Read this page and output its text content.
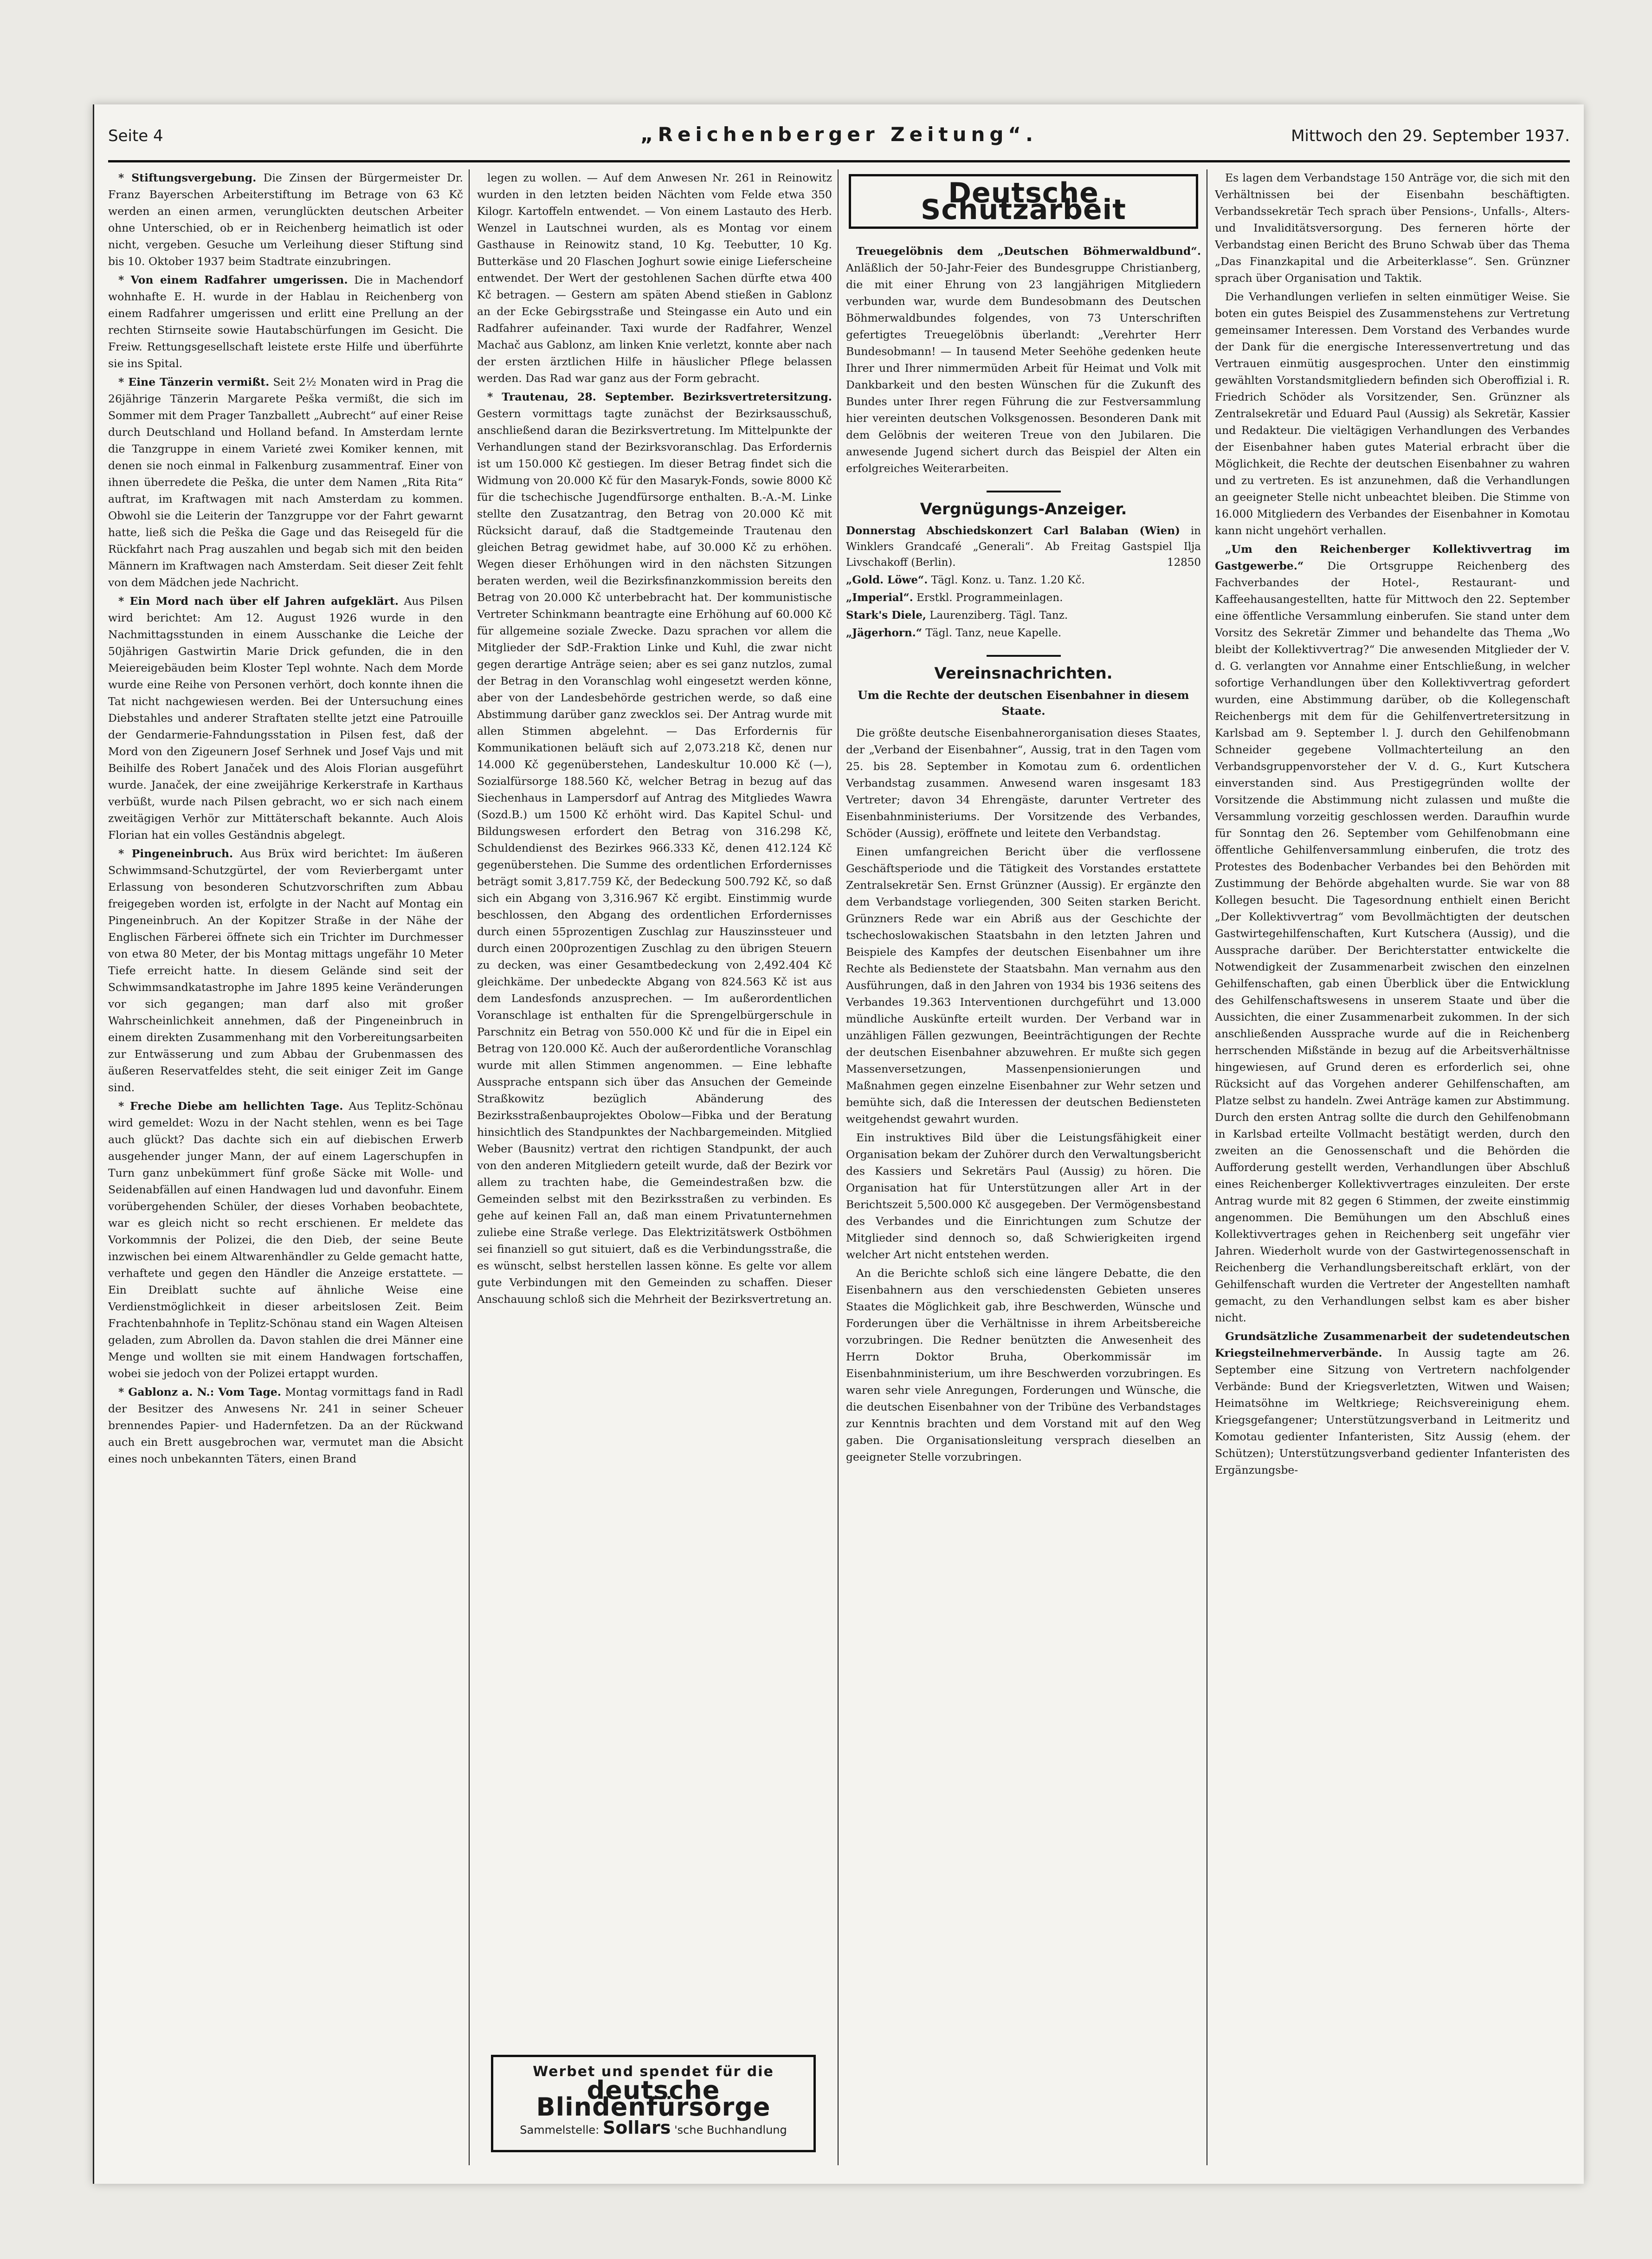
Seite 4	„Reichenberger Zeitung“.	Mittwoch den 29. September 1937.

* Stiftungsvergebung. Die Zinsen der Bürgermeister Dr. Franz Bayerschen Arbeiterstiftung im Betrage von 63 Kč werden an einen armen, verunglückten deutschen Arbeiter ohne Unterschied, ob er in Reichenberg heimatlich ist oder nicht, vergeben. Gesuche um Verleihung dieser Stiftung sind bis 10. Oktober 1937 beim Stadtrate einzubringen.

* Von einem Radfahrer umgerissen. Die in Machendorf wohnhafte E. H. wurde in der Hablau in Reichenberg von einem Radfahrer umgerissen und erlitt eine Prellung an der rechten Stirnseite sowie Hautabschürfungen im Gesicht. Die Freiw. Rettungsgesellschaft leistete erste Hilfe und überführte sie ins Spital.

* Eine Tänzerin vermißt. Seit 2½ Monaten wird in Prag die 26jährige Tänzerin Margarete Peška vermißt, die sich im Sommer mit dem Prager Tanzballett „Aubrecht“ auf einer Reise durch Deutschland und Holland befand. In Amsterdam lernte die Tanzgruppe in einem Varieté zwei Komiker kennen, mit denen sie noch einmal in Falkenburg zusammentraf. Einer von ihnen überredete die Peška, die unter dem Namen „Rita Rita“ auftrat, im Kraftwagen mit nach Amsterdam zu kommen. Obwohl sie die Leiterin der Tanzgruppe vor der Fahrt gewarnt hatte, ließ sich die Peška die Gage und das Reisegeld für die Rückfahrt nach Prag auszahlen und begab sich mit den beiden Männern im Kraftwagen nach Amsterdam. Seit dieser Zeit fehlt von dem Mädchen jede Nachricht.

* Ein Mord nach über elf Jahren aufgeklärt. Aus Pilsen wird berichtet: Am 12. August 1926 wurde in den Nachmittagsstunden in einem Ausschanke die Leiche der 50jährigen Gastwirtin Marie Drick gefunden, die in den Meiereigebäuden beim Kloster Tepl wohnte. Nach dem Morde wurde eine Reihe von Personen verhört, doch konnte ihnen die Tat nicht nachgewiesen werden. Bei der Untersuchung eines Diebstahles und anderer Straftaten stellte jetzt eine Patrouille der Gendarmerie-Fahndungsstation in Pilsen fest, daß der Mord von den Zigeunern Josef Serhnek und Josef Vajs und mit Beihilfe des Robert Janaček und des Alois Florian ausgeführt wurde. Janaček, der eine zweijährige Kerkerstrafe in Karthaus verbüßt, wurde nach Pilsen gebracht, wo er sich nach einem zweitägigen Verhör zur Mittäterschaft bekannte. Auch Alois Florian hat ein volles Geständnis abgelegt.

* Pingeneinbruch. Aus Brüx wird berichtet: Im äußeren Schwimmsand-Schutzgürtel, der vom Revierbergamt unter Erlassung von besonderen Schutzvorschriften zum Abbau freigegeben worden ist, erfolgte in der Nacht auf Montag ein Pingeneinbruch. An der Kopitzer Straße in der Nähe der Englischen Färberei öffnete sich ein Trichter im Durchmesser von etwa 80 Meter, der bis Montag mittags ungefähr 10 Meter Tiefe erreicht hatte. In diesem Gelände sind seit der Schwimmsandkatastrophe im Jahre 1895 keine Veränderungen vor sich gegangen; man darf also mit großer Wahrscheinlichkeit annehmen, daß der Pingeneinbruch in einem direkten Zusammenhang mit den Vorbereitungsarbeiten zur Entwässerung und zum Abbau der Grubenmassen des äußeren Reservatfeldes steht, die seit einiger Zeit im Gange sind.

* Freche Diebe am hellichten Tage. Aus Teplitz-Schönau wird gemeldet: Wozu in der Nacht stehlen, wenn es bei Tage auch glückt? Das dachte sich ein auf diebischen Erwerb ausgehender junger Mann, der auf einem Lagerschupfen in Turn ganz unbekümmert fünf große Säcke mit Wolle- und Seidenabfällen auf einen Handwagen lud und davonfuhr. Einem vorübergehenden Schüler, der dieses Vorhaben beobachtete, war es gleich nicht so recht erschienen. Er meldete das Vorkommnis der Polizei, die den Dieb, der seine Beute inzwischen bei einem Altwarenhändler zu Gelde gemacht hatte, verhaftete und gegen den Händler die Anzeige erstattete. — Ein Dreiblatt suchte auf ähnliche Weise eine Verdienstmöglichkeit in dieser arbeitslosen Zeit. Beim Frachtenbahnhofe in Teplitz-Schönau stand ein Wagen Alteisen geladen, zum Abrollen da. Davon stahlen die drei Männer eine Menge und wollten sie mit einem Handwagen fortschaffen, wobei sie jedoch von der Polizei ertappt wurden.

* Gablonz a. N.: Vom Tage. Montag vormittags fand in Radl der Besitzer des Anwesens Nr. 241 in seiner Scheuer brennendes Papier- und Hadernfetzen. Da an der Rückwand auch ein Brett ausgebrochen war, vermutet man die Absicht eines noch unbekannten Täters, einen Brand

legen zu wollen. — Auf dem Anwesen Nr. 261 in Reinowitz wurden in den letzten beiden Nächten vom Felde etwa 350 Kilogr. Kartoffeln entwendet. — Von einem Lastauto des Herb. Wenzel in Lautschnei wurden, als es Montag vor einem Gasthause in Reinowitz stand, 10 Kg. Teebutter, 10 Kg. Butterkäse und 20 Flaschen Joghurt sowie einige Lieferscheine entwendet. Der Wert der gestohlenen Sachen dürfte etwa 400 Kč betragen. — Gestern am späten Abend stießen in Gablonz an der Ecke Gebirgsstraße und Steingasse ein Auto und ein Radfahrer aufeinander. Taxi wurde der Radfahrer, Wenzel Machač aus Gablonz, am linken Knie verletzt, konnte aber nach der ersten ärztlichen Hilfe in häuslicher Pflege belassen werden. Das Rad war ganz aus der Form gebracht.

* Trautenau, 28. September. Bezirksvertretersitzung. Gestern vormittags tagte zunächst der Bezirksausschuß, anschließend daran die Bezirksvertretung. Im Mittelpunkte der Verhandlungen stand der Bezirksvoranschlag. Das Erfordernis ist um 150.000 Kč gestiegen. Im dieser Betrag findet sich die Widmung von 20.000 Kč für den Masaryk-Fonds, sowie 8000 Kč für die tschechische Jugendfürsorge enthalten. B.-A.-M. Linke stellte den Zusatzantrag, den Betrag von 20.000 Kč mit Rücksicht darauf, daß die Stadtgemeinde Trautenau den gleichen Betrag gewidmet habe, auf 30.000 Kč zu erhöhen. Wegen dieser Erhöhungen wird in den nächsten Sitzungen beraten werden, weil die Bezirksfinanzkommission bereits den Betrag von 20.000 Kč unterbebracht hat. Der kommunistische Vertreter Schinkmann beantragte eine Erhöhung auf 60.000 Kč für allgemeine soziale Zwecke. Dazu sprachen vor allem die Mitglieder der SdP.-Fraktion Linke und Kuhl, die zwar nicht gegen derartige Anträge seien; aber es sei ganz nutzlos, zumal der Betrag in den Voranschlag wohl eingesetzt werden könne, aber von der Landesbehörde gestrichen werde, so daß eine Abstimmung darüber ganz zwecklos sei. Der Antrag wurde mit allen Stimmen abgelehnt. — Das Erfordernis für Kommunikationen beläuft sich auf 2,073.218 Kč, denen nur 14.000 Kč gegenüberstehen, Landeskultur 10.000 Kč (—), Sozialfürsorge 188.560 Kč, welcher Betrag in bezug auf das Siechenhaus in Lampersdorf auf Antrag des Mitgliedes Wawra (Sozd.B.) um 1500 Kč erhöht wird. Das Kapitel Schul- und Bildungswesen erfordert den Betrag von 316.298 Kč, Schuldendienst des Bezirkes 966.333 Kč, denen 412.124 Kč gegenüberstehen. Die Summe des ordentlichen Erfordernisses beträgt somit 3,817.759 Kč, der Bedeckung 500.792 Kč, so daß sich ein Abgang von 3,316.967 Kč ergibt. Einstimmig wurde beschlossen, den Abgang des ordentlichen Erfordernisses durch einen 55prozentigen Zuschlag zur Hauszinssteuer und durch einen 200prozentigen Zuschlag zu den übrigen Steuern zu decken, was einer Gesamtbedeckung von 2,492.404 Kč gleichkäme. Der unbedeckte Abgang von 824.563 Kč ist aus dem Landesfonds anzusprechen. — Im außerordentlichen Voranschlage ist enthalten für die Sprengelbürgerschule in Parschnitz ein Betrag von 550.000 Kč und für die in Eipel ein Betrag von 120.000 Kč. Auch der außerordentliche Voranschlag wurde mit allen Stimmen angenommen. — Eine lebhafte Aussprache entspann sich über das Ansuchen der Gemeinde Straßkowitz bezüglich Abänderung des Bezirksstraßenbauprojektes Obolow—Fibka und der Beratung hinsichtlich des Standpunktes der Nachbargemeinden. Mitglied Weber (Bausnitz) vertrat den richtigen Standpunkt, der auch von den anderen Mitgliedern geteilt wurde, daß der Bezirk vor allem zu trachten habe, die Gemeindestraßen bzw. die Gemeinden selbst mit den Bezirksstraßen zu verbinden. Es gehe auf keinen Fall an, daß man einem Privatunternehmen zuliebe eine Straße verlege. Das Elektrizitätswerk Ostböhmen sei finanziell so gut situiert, daß es die Verbindungsstraße, die es wünscht, selbst herstellen lassen könne. Es gelte vor allem gute Verbindungen mit den Gemeinden zu schaffen. Dieser Anschauung schloß sich die Mehrheit der Bezirksvertretung an.

Werbet und spendet für die
deutsche Blindenfürsorge
Sammelstelle: Sollars 'sche Buchhandlung
Deutsche Schutzarbeit

Treuegelöbnis dem „Deutschen Böhmerwaldbund“. Anläßlich der 50-Jahr-Feier des Bundesgruppe Christianberg, die mit einer Ehrung von 23 langjährigen Mitgliedern verbunden war, wurde dem Bundesobmann des Deutschen Böhmerwaldbundes folgendes, von 73 Unterschriften gefertigtes Treuegelöbnis überlandt: „Verehrter Herr Bundesobmann! — In tausend Meter Seehöhe gedenken heute Ihrer und Ihrer nimmermüden Arbeit für Heimat und Volk mit Dankbarkeit und den besten Wünschen für die Zukunft des Bundes unter Ihrer regen Führung die zur Festversammlung hier vereinten deutschen Volksgenossen. Besonderen Dank mit dem Gelöbnis der weiteren Treue von den Jubilaren. Die anwesende Jugend sichert durch das Beispiel der Alten ein erfolgreiches Weiterarbeiten.

Vergnügungs-Anzeiger.
Donnerstag Abschiedskonzert Carl Balaban (Wien) in Winklers Grandcafé „Generali“. Ab Freitag Gastspiel Ilja Livschakoff (Berlin).	12850
„Gold. Löwe“. Tägl. Konz. u. Tanz. 1.20 Kč.
„Imperial“. Erstkl. Programmeinlagen.
Stark's Diele, Laurenziberg. Tägl. Tanz.
„Jägerhorn.“ Tägl. Tanz, neue Kapelle.
Vereinsnachrichten.
Um die Rechte der deutschen Eisenbahner in diesem Staate.

Die größte deutsche Eisenbahnerorganisation dieses Staates, der „Verband der Eisenbahner“, Aussig, trat in den Tagen vom 25. bis 28. September in Komotau zum 6. ordentlichen Verbandstag zusammen. Anwesend waren insgesamt 183 Vertreter; davon 34 Ehrengäste, darunter Vertreter des Eisenbahnministeriums. Der Vorsitzende des Verbandes, Schöder (Aussig), eröffnete und leitete den Verbandstag.

Einen umfangreichen Bericht über die verflossene Geschäftsperiode und die Tätigkeit des Vorstandes erstattete Zentralsekretär Sen. Ernst Grünzner (Aussig). Er ergänzte den dem Verbandstage vorliegenden, 300 Seiten starken Bericht. Grünzners Rede war ein Abriß aus der Geschichte der tschechoslowakischen Staatsbahn in den letzten Jahren und Beispiele des Kampfes der deutschen Eisenbahner um ihre Rechte als Bedienstete der Staatsbahn. Man vernahm aus den Ausführungen, daß in den Jahren von 1934 bis 1936 seitens des Verbandes 19.363 Interventionen durchgeführt und 13.000 mündliche Auskünfte erteilt wurden. Der Verband war in unzähligen Fällen gezwungen, Beeinträchtigungen der Rechte der deutschen Eisenbahner abzuwehren. Er mußte sich gegen Massenversetzungen, Massenpensionierungen und Maßnahmen gegen einzelne Eisenbahner zur Wehr setzen und bemühte sich, daß die Interessen der deutschen Bediensteten weitgehendst gewahrt wurden.

Ein instruktives Bild über die Leistungsfähigkeit einer Organisation bekam der Zuhörer durch den Verwaltungsbericht des Kassiers und Sekretärs Paul (Aussig) zu hören. Die Organisation hat für Unterstützungen aller Art in der Berichtszeit 5,500.000 Kč ausgegeben. Der Vermögensbestand des Verbandes und die Einrichtungen zum Schutze der Mitglieder sind dennoch so, daß Schwierigkeiten irgend welcher Art nicht entstehen werden.

An die Berichte schloß sich eine längere Debatte, die den Eisenbahnern aus den verschiedensten Gebieten unseres Staates die Möglichkeit gab, ihre Beschwerden, Wünsche und Forderungen über die Verhältnisse in ihrem Arbeitsbereiche vorzubringen. Die Redner benützten die Anwesenheit des Herrn Doktor Bruha, Oberkommissär im Eisenbahnministerium, um ihre Beschwerden vorzubringen. Es waren sehr viele Anregungen, Forderungen und Wünsche, die die deutschen Eisenbahner von der Tribüne des Verbandstages zur Kenntnis brachten und dem Vorstand mit auf den Weg gaben. Die Organisationsleitung versprach dieselben an geeigneter Stelle vorzubringen.

Es lagen dem Verbandstage 150 Anträge vor, die sich mit den Verhältnissen bei der Eisenbahn beschäftigten. Verbandssekretär Tech sprach über Pensions-, Unfalls-, Alters- und Invaliditätsversorgung. Des ferneren hörte der Verbandstag einen Bericht des Bruno Schwab über das Thema „Das Finanzkapital und die Arbeiterklasse“. Sen. Grünzner sprach über Organisation und Taktik.

Die Verhandlungen verliefen in selten einmütiger Weise. Sie boten ein gutes Beispiel des Zusammenstehens zur Vertretung gemeinsamer Interessen. Dem Vorstand des Verbandes wurde der Dank für die energische Interessenvertretung und das Vertrauen einmütig ausgesprochen. Unter den einstimmig gewählten Vorstandsmitgliedern befinden sich Oberoffizial i. R. Friedrich Schöder als Vorsitzender, Sen. Grünzner als Zentralsekretär und Eduard Paul (Aussig) als Sekretär, Kassier und Redakteur. Die vieltägigen Verhandlungen des Verbandes der Eisenbahner haben gutes Material erbracht über die Möglichkeit, die Rechte der deutschen Eisenbahner zu wahren und zu vertreten. Es ist anzunehmen, daß die Verhandlungen an geeigneter Stelle nicht unbeachtet bleiben. Die Stimme von 16.000 Mitgliedern des Verbandes der Eisenbahner in Komotau kann nicht ungehört verhallen.

„Um den Reichenberger Kollektivvertrag im Gastgewerbe.“ Die Ortsgruppe Reichenberg des Fachverbandes der Hotel-, Restaurant- und Kaffeehausangestellten, hatte für Mittwoch den 22. September eine öffentliche Versammlung einberufen. Sie stand unter dem Vorsitz des Sekretär Zimmer und behandelte das Thema „Wo bleibt der Kollektivvertrag?“ Die anwesenden Mitglieder der V. d. G. verlangten vor Annahme einer Entschließung, in welcher sofortige Verhandlungen über den Kollektivvertrag gefordert wurden, eine Abstimmung darüber, ob die Kollegenschaft Reichenbergs mit dem für die Gehilfenvertretersitzung in Karlsbad am 9. September l. J. durch den Gehilfenobmann Schneider gegebene Vollmachterteilung an den Verbandsgruppenvorsteher der V. d. G., Kurt Kutschera einverstanden sind. Aus Prestigegründen wollte der Vorsitzende die Abstimmung nicht zulassen und mußte die Versammlung vorzeitig geschlossen werden. Daraufhin wurde für Sonntag den 26. September vom Gehilfenobmann eine öffentliche Gehilfenversammlung einberufen, die trotz des Protestes des Bodenbacher Verbandes bei den Behörden mit Zustimmung der Behörde abgehalten wurde. Sie war von 88 Kollegen besucht. Die Tagesordnung enthielt einen Bericht „Der Kollektivvertrag“ vom Bevollmächtigten der deutschen Gastwirtegehilfenschaften, Kurt Kutschera (Aussig), und die Aussprache darüber. Der Berichterstatter entwickelte die Notwendigkeit der Zusammenarbeit zwischen den einzelnen Gehilfenschaften, gab einen Überblick über die Entwicklung des Gehilfenschaftswesens in unserem Staate und über die Aussichten, die einer Zusammenarbeit zukommen. In der sich anschließenden Aussprache wurde auf die in Reichenberg herrschenden Mißstände in bezug auf die Arbeitsverhältnisse hingewiesen, auf Grund deren es erforderlich sei, ohne Rücksicht auf das Vorgehen anderer Gehilfenschaften, am Platze selbst zu handeln. Zwei Anträge kamen zur Abstimmung. Durch den ersten Antrag sollte die durch den Gehilfenobmann in Karlsbad erteilte Vollmacht bestätigt werden, durch den zweiten an die Genossenschaft und die Behörden die Aufforderung gestellt werden, Verhandlungen über Abschluß eines Reichenberger Kollektivvertrages einzuleiten. Der erste Antrag wurde mit 82 gegen 6 Stimmen, der zweite einstimmig angenommen. Die Bemühungen um den Abschluß eines Kollektivvertrages gehen in Reichenberg seit ungefähr vier Jahren. Wiederholt wurde von der Gastwirtegenossenschaft in Reichenberg die Verhandlungsbereitschaft erklärt, von der Gehilfenschaft wurden die Vertreter der Angestellten namhaft gemacht, zu den Verhandlungen selbst kam es aber bisher nicht.

Grundsätzliche Zusammenarbeit der sudetendeutschen Kriegsteilnehmerverbände. In Aussig tagte am 26. September eine Sitzung von Vertretern nachfolgender Verbände: Bund der Kriegsverletzten, Witwen und Waisen; Heimatsöhne im Weltkriege; Reichsvereinigung ehem. Kriegsgefangener; Unterstützungsverband in Leitmeritz und Komotau gedienter Infanteristen, Sitz Aussig (ehem. der Schützen); Unterstützungsverband gedienter Infanteristen des Ergänzungsbe-
